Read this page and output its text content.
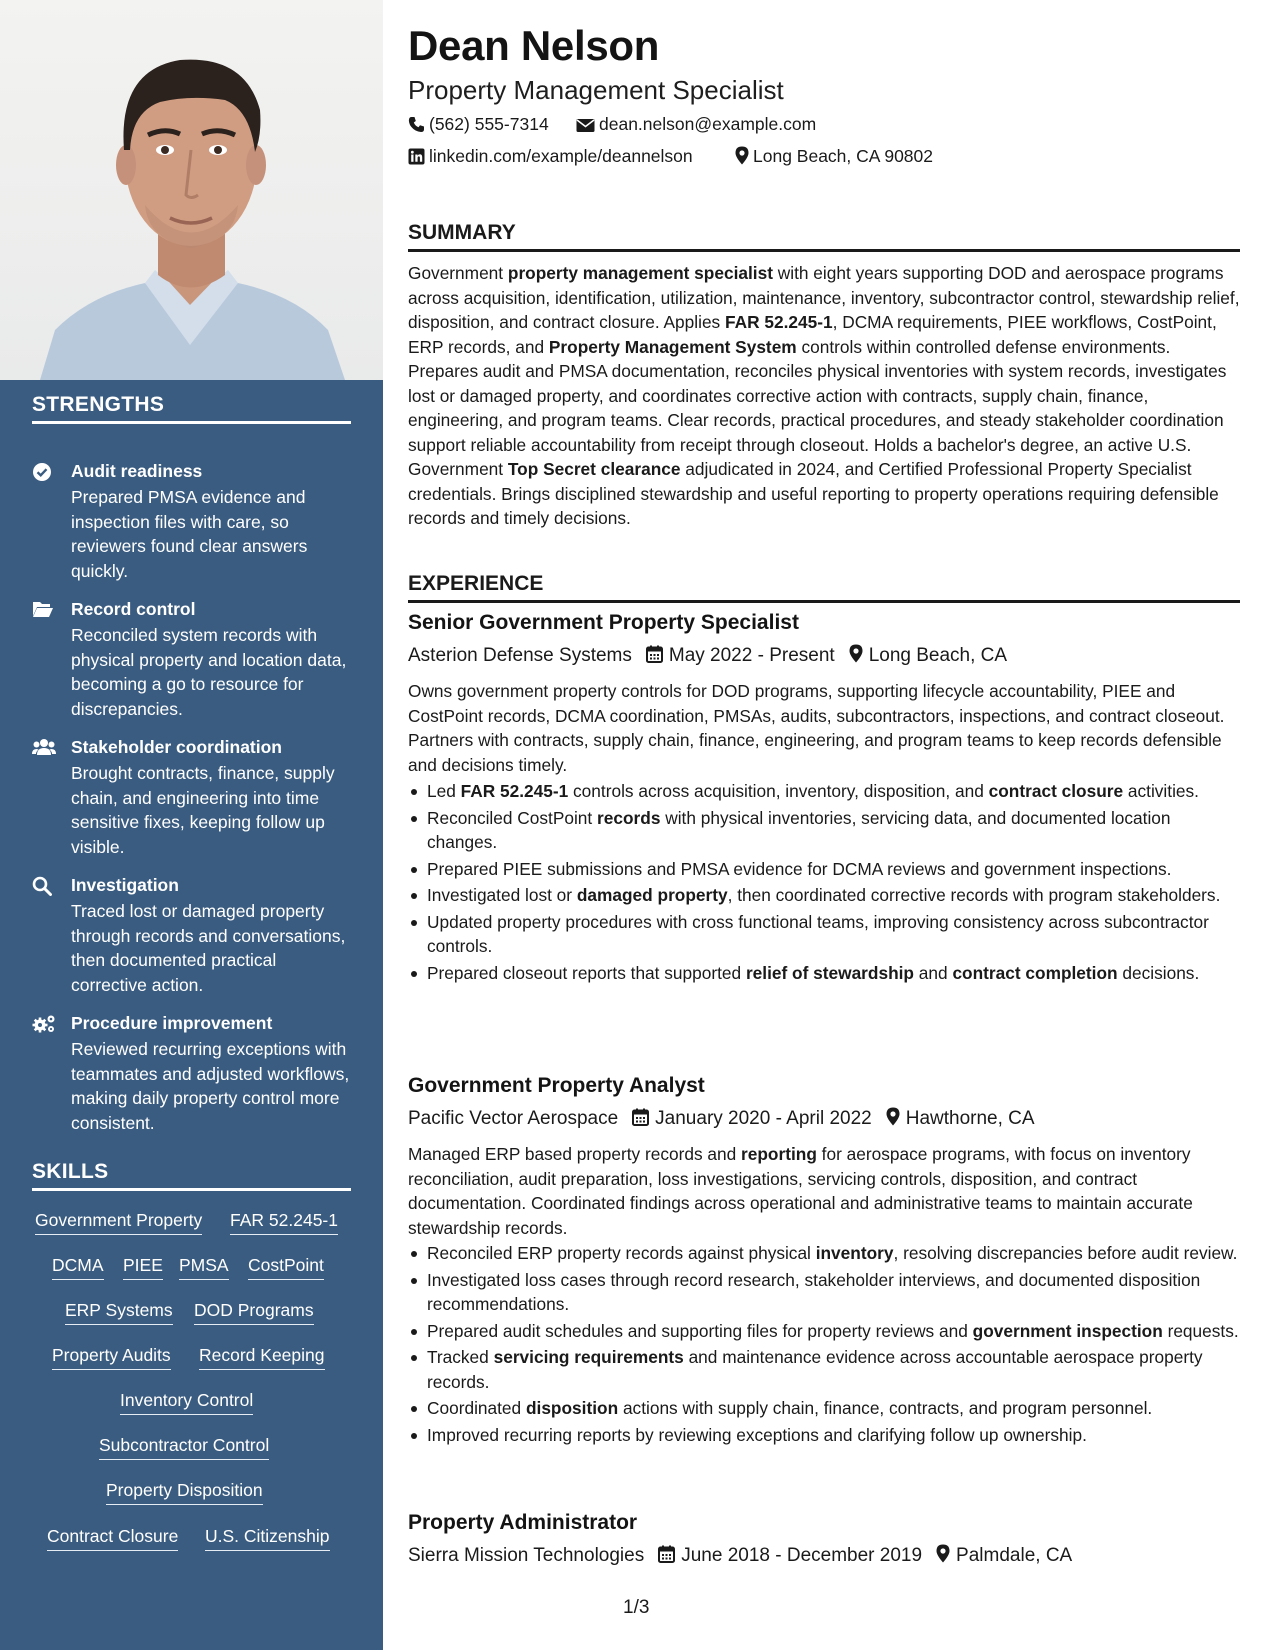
STRENGTHS
Audit readiness
Prepared PMSA evidence and inspection files with care, so reviewers found clear answers quickly.
Record control
Reconciled system records with physical property and location data, becoming a go to resource for discrepancies.
Stakeholder coordination
Brought contracts, finance, supply chain, and engineering into time sensitive fixes, keeping follow up visible.
Investigation
Traced lost or damaged property through records and conversations, then documented practical corrective action.
Procedure improvement
Reviewed recurring exceptions with teammates and adjusted workflows, making daily property control more consistent.
SKILLS
Government Property FAR 52.245-1
DCMA PIEE PMSA CostPoint
ERP Systems DOD Programs
Property Audits Record Keeping
Inventory Control
Subcontractor Control
Property Disposition
Contract Closure U.S. Citizenship
Dean Nelson
Property Management Specialist
(562) 555-7314	dean.nelson@example.com
linkedin.com/example/deannelson	Long Beach, CA 90802
SUMMARY
Government property management specialist with eight years supporting DOD and aerospace programs across acquisition, identification, utilization, maintenance, inventory, subcontractor control, stewardship relief, disposition, and contract closure. Applies FAR 52.245-1, DCMA requirements, PIEE workflows, CostPoint, ERP records, and Property Management System controls within controlled defense environments. Prepares audit and PMSA documentation, reconciles physical inventories with system records, investigates lost or damaged property, and coordinates corrective action with contracts, supply chain, finance, engineering, and program teams. Clear records, practical procedures, and steady stakeholder coordination support reliable accountability from receipt through closeout. Holds a bachelor's degree, an active U.S. Government Top Secret clearance adjudicated in 2024, and Certified Professional Property Specialist credentials. Brings disciplined stewardship and useful reporting to property operations requiring defensible records and timely decisions.
EXPERIENCE
Senior Government Property Specialist
Asterion Defense Systems May 2022 - Present Long Beach, CA
Owns government property controls for DOD programs, supporting lifecycle accountability, PIEE and CostPoint records, DCMA coordination, PMSAs, audits, subcontractors, inspections, and contract closeout. Partners with contracts, supply chain, finance, engineering, and program teams to keep records defensible and decisions timely.
Led FAR 52.245-1 controls across acquisition, inventory, disposition, and contract closure activities.
Reconciled CostPoint records with physical inventories, servicing data, and documented location changes.
Prepared PIEE submissions and PMSA evidence for DCMA reviews and government inspections.
Investigated lost or damaged property, then coordinated corrective records with program stakeholders.
Updated property procedures with cross functional teams, improving consistency across subcontractor controls.
Prepared closeout reports that supported relief of stewardship and contract completion decisions.
Government Property Analyst
Pacific Vector Aerospace January 2020 - April 2022 Hawthorne, CA
Managed ERP based property records and reporting for aerospace programs, with focus on inventory reconciliation, audit preparation, loss investigations, servicing controls, disposition, and contract documentation. Coordinated findings across operational and administrative teams to maintain accurate stewardship records.
Reconciled ERP property records against physical inventory, resolving discrepancies before audit review.
Investigated loss cases through record research, stakeholder interviews, and documented disposition recommendations.
Prepared audit schedules and supporting files for property reviews and government inspection requests.
Tracked servicing requirements and maintenance evidence across accountable aerospace property records.
Coordinated disposition actions with supply chain, finance, contracts, and program personnel.
Improved recurring reports by reviewing exceptions and clarifying follow up ownership.
Property Administrator
Sierra Mission Technologies June 2018 - December 2019 Palmdale, CA
1/3
